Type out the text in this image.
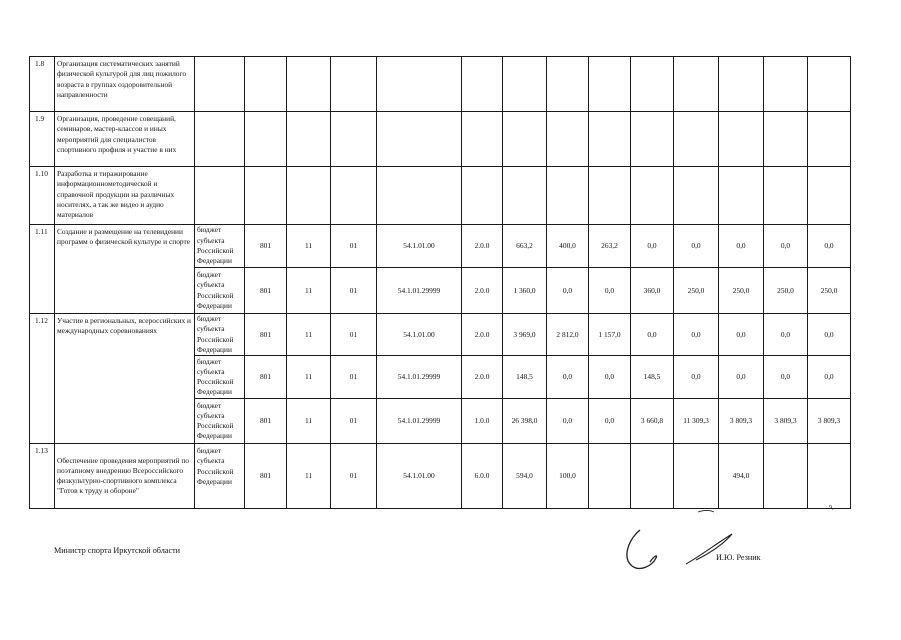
1.8	Организация систематических занятий физической культурой для лиц пожилого возраста в группах оздоровительной направленности														
1.9	Организация, проведение совещаний, семинаров, мастер-классов и иных мероприятий для специалистов спортивного профиля и участие в них														
1.10	Разработка и тиражирование информационнометодической и справочной продукции на различных носителях, а так же видео и аудио материалов														
1.11	Создание и размещение на телевидении программ о физической культуре и спорте	бюджет субъекта Российской Федерации	801	11	01	54.1.01.00	2.0.0	663,2	400,0	263,2	0,0	0,0	0,0	0,0	0,0
		бюджет субъекта Российской Федерации	801	11	01	54.1.01.29999	2.0.0	1 360,0	0,0	0,0	360,0	250,0	250,0	250,0	250,0
1.12	Участие в региональных, всероссийских и международных соревнованиях	бюджет субъекта Российской Федерации	801	11	01	54.1.01.00	2.0.0	3 969,0	2 812,0	1 157,0	0,0	0,0	0,0	0,0	0,0
		бюджет субъекта Российской Федерации	801	11	01	54.1.01.29999	2.0.0	148,5	0,0	0,0	148,5	0,0	0,0	0,0	0,0
		бюджет субъекта Российской Федерации	801	11	01	54.1.01.29999	1.0.0	26 398,0	0,0	0,0	3 660,8	11 309,3	3 809,3	3 809,3	3 809,3
1.13	Обеспечение проведения мероприятий по поэтапному внедрению Всероссийского физкультурно-спортивного комплекса "Готов к труду и обороне"	бюджет субъекта Российской Федерации	801	11	01	54.1.01.00	6.0.0	594,0	100,0				494,0		
9,
Министр спорта Иркутской области
И.Ю. Резник
